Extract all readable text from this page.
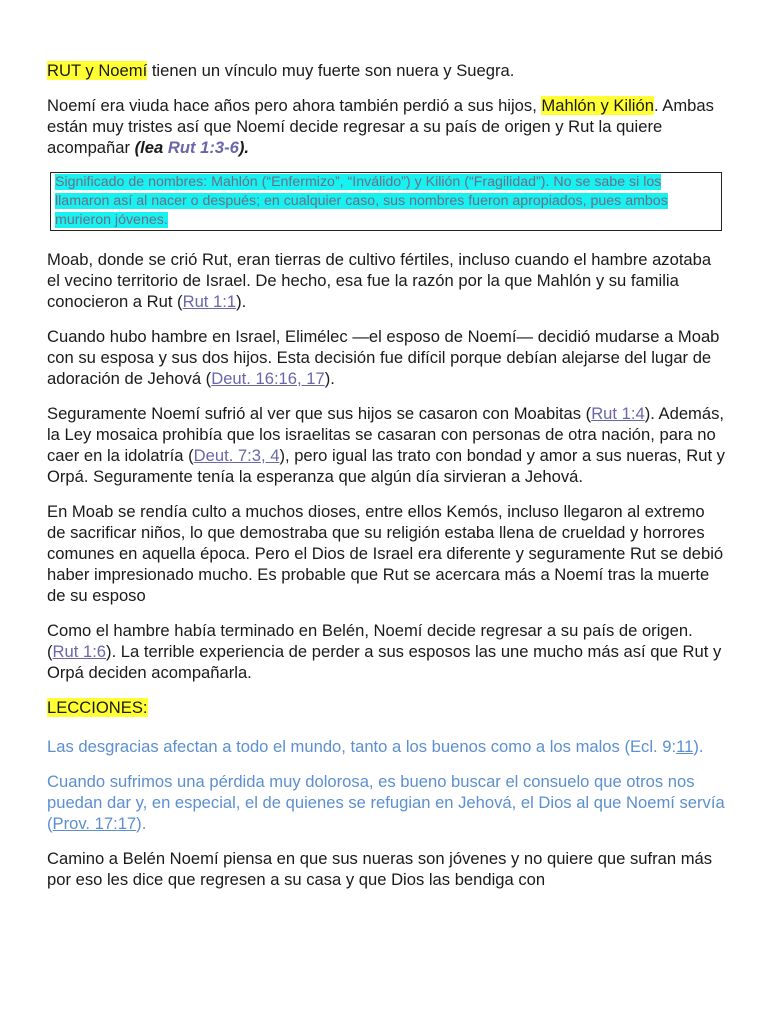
RUT y Noemí tienen un vínculo muy fuerte son nuera y Suegra.

Noemí era viuda hace años pero ahora también perdió a sus hijos, Mahlón y Kilión. Ambas están muy tristes así que Noemí decide regresar a su país de origen y Rut la quiere acompañar (lea Rut 1:3-6).

Significado de nombres: Mahlón (“Enfermizo”, “Inválido”) y Kilión (“Fragilidad”). No se sabe si los llamaron así al nacer o después; en cualquier caso, sus nombres fueron apropiados, pues ambos murieron jóvenes.

Moab, donde se crió Rut, eran tierras de cultivo fértiles, incluso cuando el hambre azotaba el vecino territorio de Israel. De hecho, esa fue la razón por la que Mahlón y su familia conocieron a Rut (Rut 1:1).

Cuando hubo hambre en Israel, Elimélec —el esposo de Noemí— decidió mudarse a Moab con su esposa y sus dos hijos. Esta decisión fue difícil porque debían alejarse del lugar de adoración de Jehová (Deut. 16:16, 17).

Seguramente Noemí sufrió al ver que sus hijos se casaron con Moabitas (Rut 1:4). Además, la Ley mosaica prohibía que los israelitas se casaran con personas de otra nación, para no caer en la idolatría (Deut. 7:3, 4), pero igual las trato con bondad y amor a sus nueras, Rut y Orpá. Seguramente tenía la esperanza que algún día sirvieran a Jehová.

En Moab se rendía culto a muchos dioses, entre ellos Kemós, incluso llegaron al extremo de sacrificar niños, lo que demostraba que su religión estaba llena de crueldad y horrores comunes en aquella época. Pero el Dios de Israel era diferente y seguramente Rut se debió haber impresionado mucho. Es probable que Rut se acercara más a Noemí tras la muerte de su esposo

Como el hambre había terminado en Belén, Noemí decide regresar a su país de origen. (Rut 1:6). La terrible experiencia de perder a sus esposos las une mucho más así que Rut y Orpá deciden acompañarla.

LECCIONES:

Las desgracias afectan a todo el mundo, tanto a los buenos como a los malos (Ecl. 9:11).

Cuando sufrimos una pérdida muy dolorosa, es bueno buscar el consuelo que otros nos puedan dar y, en especial, el de quienes se refugian en Jehová, el Dios al que Noemí servía (Prov. 17:17).

Camino a Belén Noemí piensa en que sus nueras son jóvenes y no quiere que sufran más por eso les dice que regresen a su casa y que Dios las bendiga con
